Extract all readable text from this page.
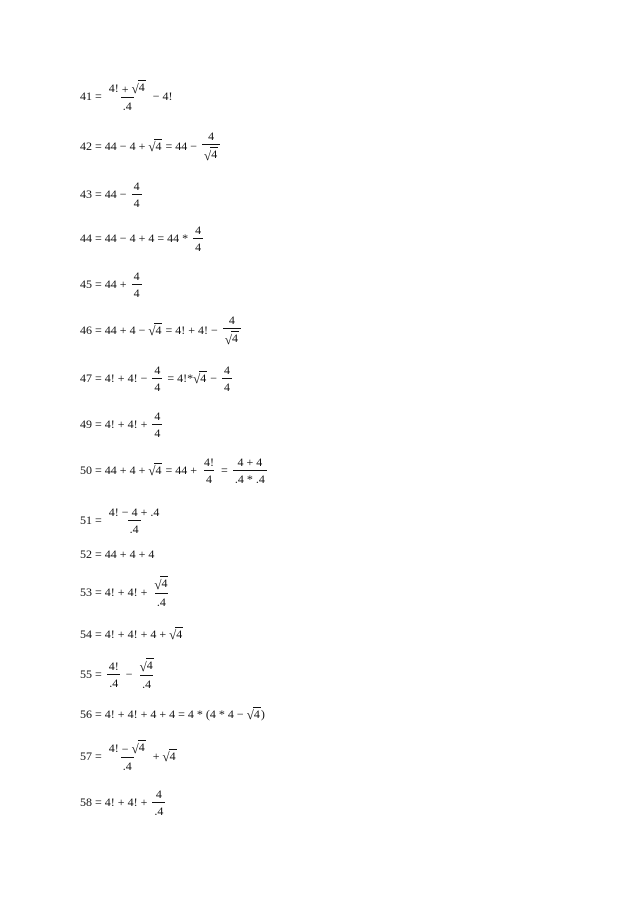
$41 = \frac{4! + √ 4}{.4} - 4$!
42 = 44 − 4 + √ $4 = 44 - \frac{4}{√ 4}$
$43 = 44 - \frac{4}{4}$
$44 = 44 - 4 + 4 = 44 * \frac{4}{4}$
$45 = 44 + \frac{4}{4}$
46 = 44 + 4 − √ 4 = 4! + 4! − $\frac{4}{√ 4}$
47 = 4! + 4! − $\frac{4}{4} = 4!*$ √ $4 - \frac{4}{4}$
49 = 4! + 4! + $\frac{4}{4}$
50 = 44 + 4 + √ $4 = 44 + \frac{4!}{4} = \frac{4 + 4}{.4 * .4}$
$51 = \frac{4! - 4 + .4}{.4}$
52 = 44 + 4 + 4
53 = 4! + 4! + $\frac{√ 4}{.4}$
54 = 4! + 4! + 4 + √ 4
$55 = \frac{4!}{.4} - \frac{√ 4}{.4}$
56 = 4! + 4! + 4 + 4 = 4 * ( 4 * 4 − √ 4 )
$57 = \frac{4! - √ 4}{.4}$ + √ 4
58 = 4! + 4! + $\frac{4}{.4}$
